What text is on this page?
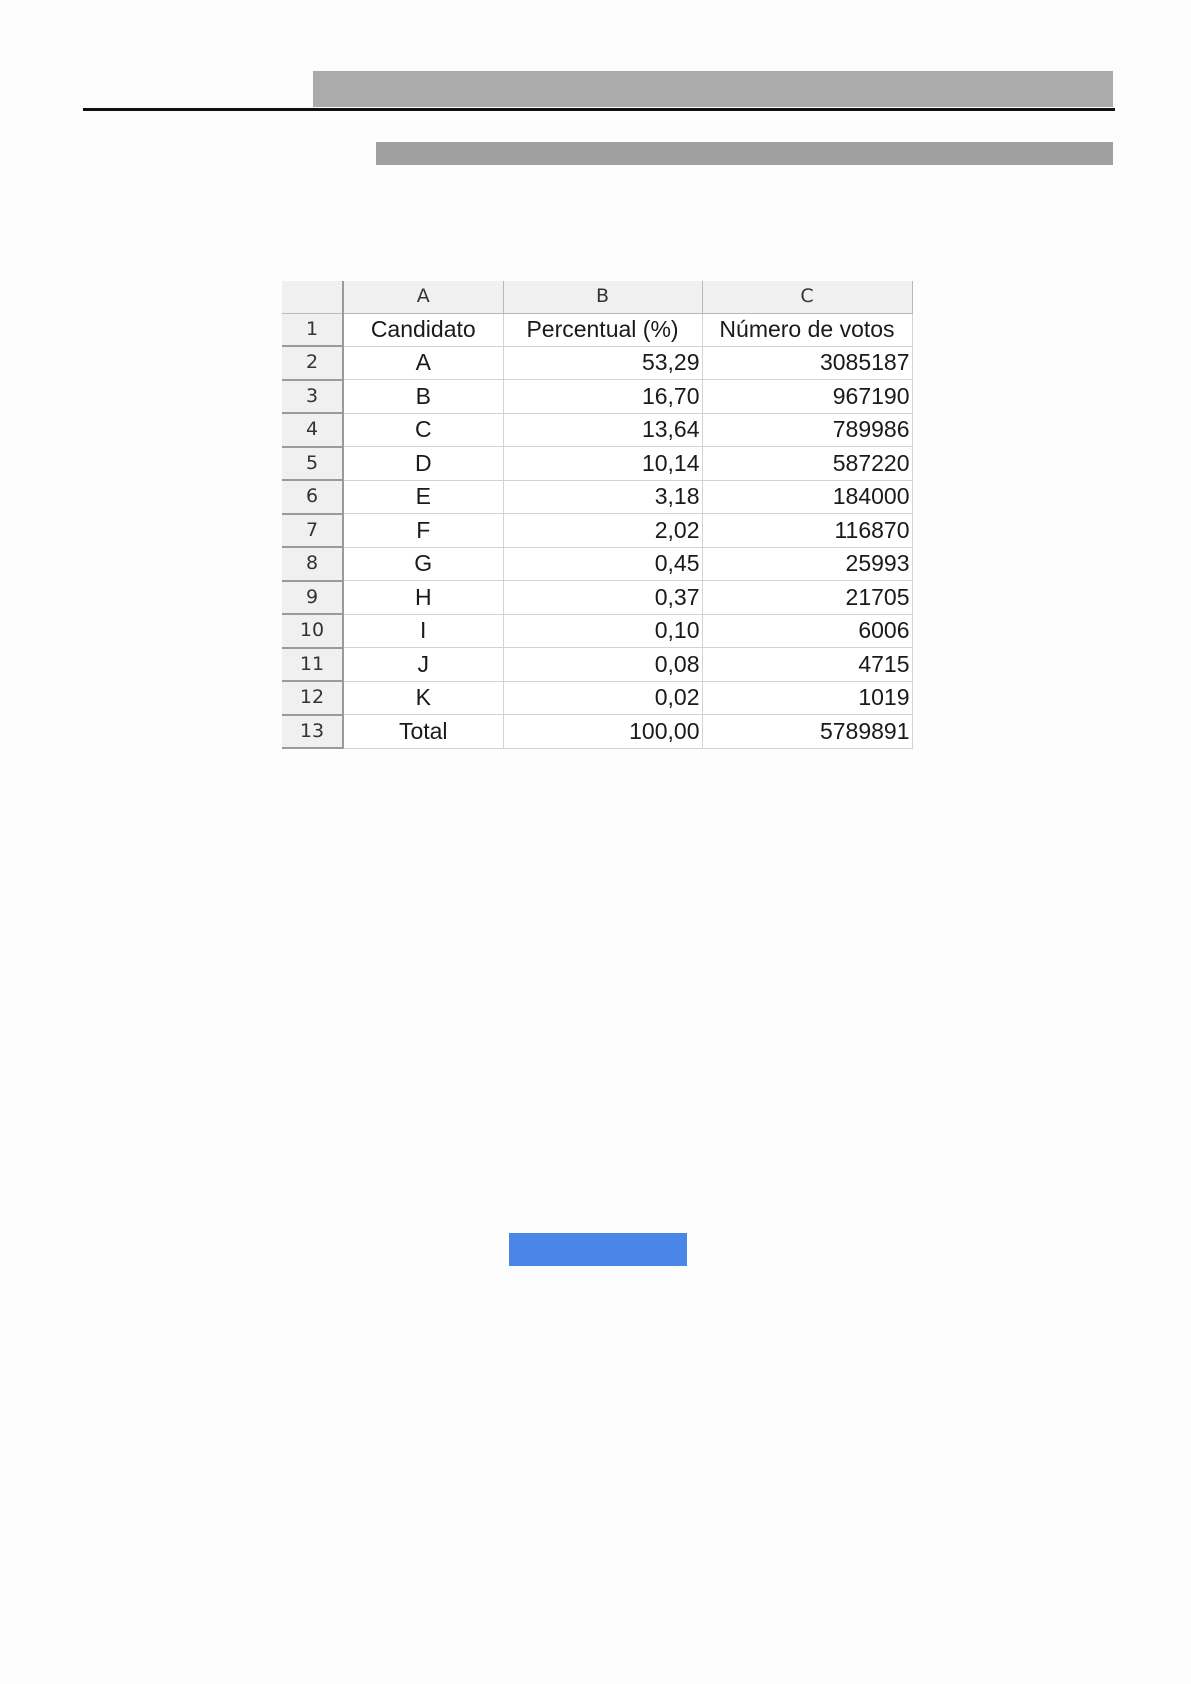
	A	B	C
1	Candidato	Percentual (%)	Número de votos
2	A	53,29	3085187
3	B	16,70	967190
4	C	13,64	789986
5	D	10,14	587220
6	E	3,18	184000
7	F	2,02	116870
8	G	0,45	25993
9	H	0,37	21705
10	I	0,10	6006
11	J	0,08	4715
12	K	0,02	1019
13	Total	100,00	5789891
